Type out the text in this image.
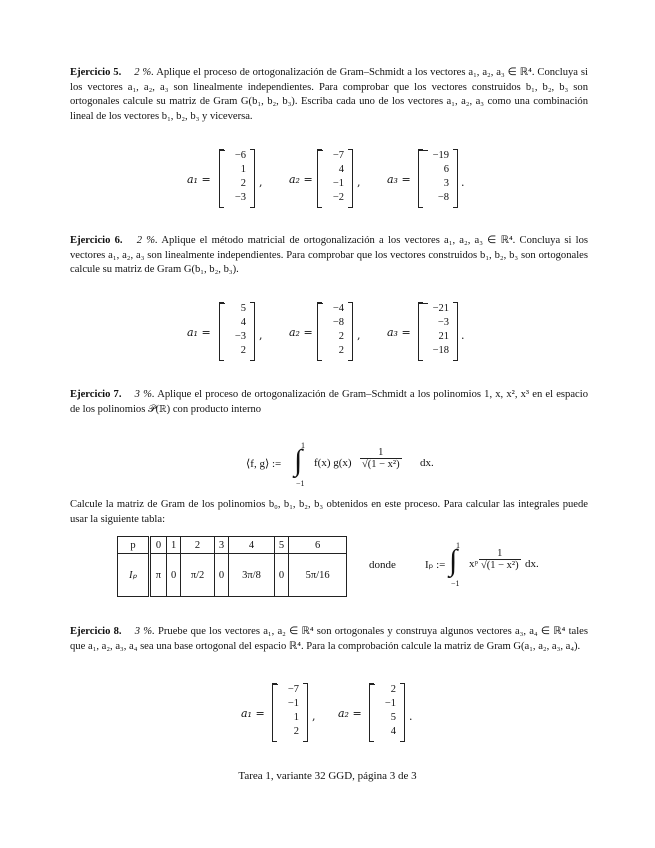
Ejercicio 5. 2 %. Aplique el proceso de ortogonalización de Gram–Schmidt a los vectores a₁, a₂, a₃ ∈ ℝ⁴. Concluya si los vectores a₁, a₂, a₃ son linealmente independientes. Para comprobar que los vectores construidos b₁, b₂, b₃ son ortogonales calcule su matriz de Gram G(b₁, b₂, b₃). Escriba cada uno de los vectores a₁, a₂, a₃ como una combinación lineal de los vectores b₁, b₂, b₃ y viceversa.
a₁ =
−6
1
2
−3
, a₂ =
−7
4
−1
−2
, a₃ =
−19
6
3
−8
.
Ejercicio 6. 2 %. Aplique el método matricial de ortogonalización a los vectores a₁, a₂, a₃ ∈ ℝ⁴. Concluya si los vectores a₁, a₂, a₃ son linealmente independientes. Para comprobar que los vectores construidos b₁, b₂, b₃ son ortogonales calcule su matriz de Gram G(b₁, b₂, b₃).
a₁ =
5
4
−3
2
, a₂ =
−4
−8
2
2
, a₃ =
−21
−3
21
−18
.
Ejercicio 7. 3 %. Aplique el proceso de ortogonalización de Gram–Schmidt a los polinomios 1, x, x², x³ en el espacio de los polinomios 𝒫(ℝ) con producto interno
⟨f, g⟩ :=
1
∫
−1
f(x) $g(x) \frac{1}{\text{√(1 − x²)}}$ dx.
Calcule la matriz de Gram de los polinomios b₀, b₁, b₂, b₃ obtenidos en este proceso. Para calcular las integrales puede usar la siguiente tabla:
p	0	1	2	3	4	5	6
Iₚ	π	0	π/2	0	3π/8	0	5π/16
donde	Iₚ :=
1
∫
−1
xᵖ $\frac{1}{\text{√(1 − x²)}}$ dx.
Ejercicio 8. 3 %. Pruebe que los vectores a₁, a₂ ∈ ℝ⁴ son ortogonales y construya algunos vectores a₃, a₄ ∈ ℝ⁴ tales que a₁, a₂, a₃, a₄ sea una base ortogonal del espacio ℝ⁴. Para la comprobación calcule la matriz de Gram G(a₁, a₂, a₃, a₄).
a₁ =
−7
−1
1
2
, a₂ =
2
−1
5
4
.
Tarea 1, variante 32 GGD, página 3 de 3
